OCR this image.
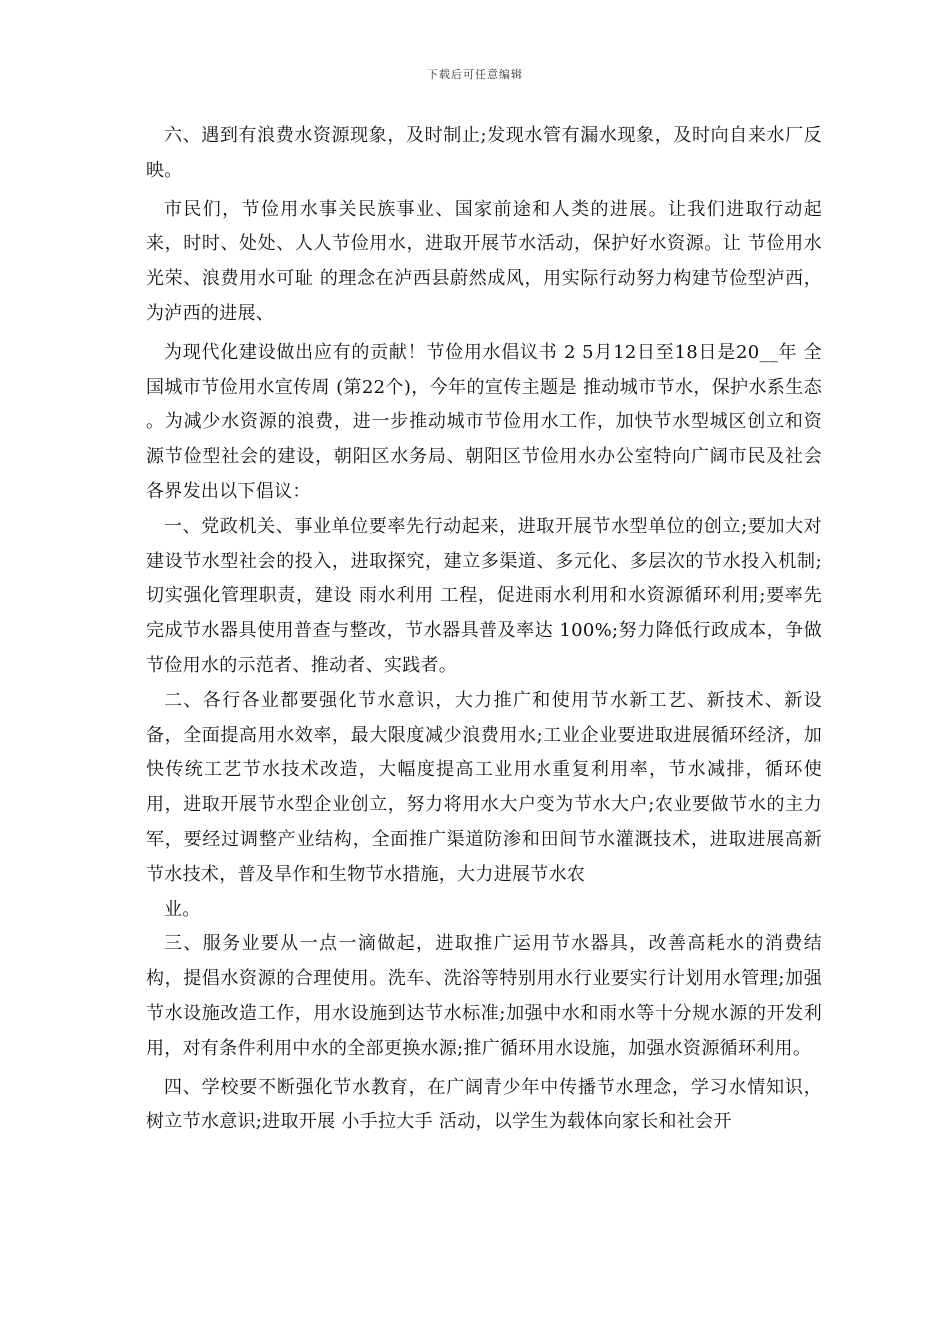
下载后可任意编辑

六、遇到有浪费水资源现象，及时制止;发现水管有漏水现象，及时向自来水厂反映。

市民们，节俭用水事关民族事业、国家前途和人类的进展。让我们进取行动起来，时时、处处、人人节俭用水，进取开展节水活动，保护好水资源。让 节俭用水光荣、浪费用水可耻 的理念在泸西县蔚然成风，用实际行动努力构建节俭型泸西，为泸西的进展、

为现代化建设做出应有的贡献！节俭用水倡议书 2 5月12日至18日是20__年 全国城市节俭用水宣传周 (第22个)，今年的宣传主题是 推动城市节水，保护水系生态 。为减少水资源的浪费，进一步推动城市节俭用水工作，加快节水型城区创立和资源节俭型社会的建设，朝阳区水务局、朝阳区节俭用水办公室特向广阔市民及社会各界发出以下倡议：

一、党政机关、事业单位要率先行动起来，进取开展节水型单位的创立;要加大对建设节水型社会的投入，进取探究，建立多渠道、多元化、多层次的节水投入机制;切实强化管理职责，建设 雨水利用 工程，促进雨水利用和水资源循环利用;要率先完成节水器具使用普查与整改，节水器具普及率达 100%;努力降低行政成本，争做节俭用水的示范者、推动者、实践者。

二、各行各业都要强化节水意识，大力推广和使用节水新工艺、新技术、新设备，全面提高用水效率，最大限度减少浪费用水;工业企业要进取进展循环经济，加快传统工艺节水技术改造，大幅度提高工业用水重复利用率，节水减排，循环使用，进取开展节水型企业创立，努力将用水大户变为节水大户;农业要做节水的主力军，要经过调整产业结构，全面推广渠道防渗和田间节水灌溉技术，进取进展高新节水技术，普及旱作和生物节水措施，大力进展节水农

业。

三、服务业要从一点一滴做起，进取推广运用节水器具，改善高耗水的消费结构，提倡水资源的合理使用。洗车、洗浴等特别用水行业要实行计划用水管理;加强节水设施改造工作，用水设施到达节水标准;加强中水和雨水等十分规水源的开发利用，对有条件利用中水的全部更换水源;推广循环用水设施，加强水资源循环利用。

四、学校要不断强化节水教育，在广阔青少年中传播节水理念，学习水情知识，树立节水意识;进取开展 小手拉大手 活动，以学生为载体向家长和社会开
